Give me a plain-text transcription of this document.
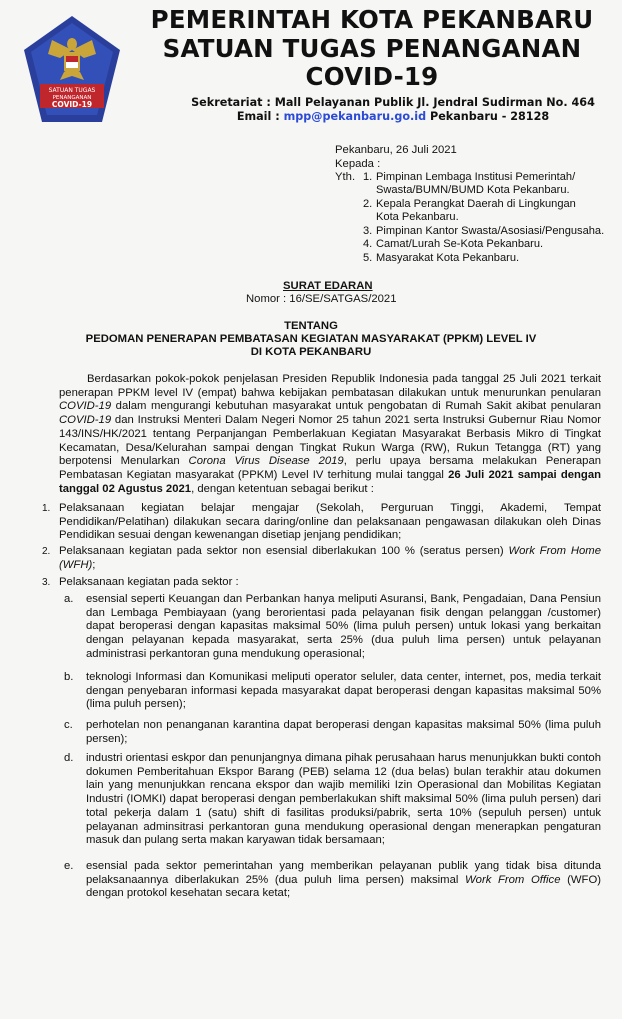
SATUAN TUGAS
PENANGANAN
COVID-19
PEMERINTAH KOTA PEKANBARU
SATUAN TUGAS PENANGANAN
COVID-19
Sekretariat : Mall Pelayanan Publik Jl. Jendral Sudirman No. 464
Email : mpp@pekanbaru.go.id Pekanbaru - 28128
Pekanbaru, 26 Juli 2021
Kepada :
Yth. 1. Pimpinan Lembaga Institusi Pemerintah/
Swasta/BUMN/BUMD Kota Pekanbaru.
2. Kepala Perangkat Daerah di Lingkungan
Kota Pekanbaru.
3. Pimpinan Kantor Swasta/Asosiasi/Pengusaha.
4. Camat/Lurah Se-Kota Pekanbaru.
5. Masyarakat Kota Pekanbaru.
SURAT EDARAN
Nomor : 16/SE/SATGAS/2021
TENTANG
PEDOMAN PENERAPAN PEMBATASAN KEGIATAN MASYARAKAT (PPKM) LEVEL IV
DI KOTA PEKANBARU
Berdasarkan pokok-pokok penjelasan Presiden Republik Indonesia pada tanggal 25 Juli 2021 terkait penerapan PPKM level IV (empat) bahwa kebijakan pembatasan dilakukan untuk menurunkan penularan COVID-19 dalam mengurangi kebutuhan masyarakat untuk pengobatan di Rumah Sakit akibat penularan COVID-19 dan Instruksi Menteri Dalam Negeri Nomor 25 tahun 2021 serta Instruksi Gubernur Riau Nomor 143/INS/HK/2021 tentang Perpanjangan Pemberlakuan Kegiatan Masyarakat Berbasis Mikro di Tingkat Kecamatan, Desa/Kelurahan sampai dengan Tingkat Rukun Warga (RW), Rukun Tetangga (RT) yang berpotensi Menularkan Corona Virus Disease 2019, perlu upaya bersama melakukan Penerapan Pembatasan Kegiatan masyarakat (PPKM) Level IV terhitung mulai tanggal 26 Juli 2021 sampai dengan tanggal 02 Agustus 2021, dengan ketentuan sebagai berikut :
1. Pelaksanaan kegiatan belajar mengajar (Sekolah, Perguruan Tinggi, Akademi, Tempat Pendidikan/Pelatihan) dilakukan secara daring/online dan pelaksanaan pengawasan dilakukan oleh Dinas Pendidikan sesuai dengan kewenangan disetiap jenjang pendidikan;
2. Pelaksanaan kegiatan pada sektor non esensial diberlakukan 100 % (seratus persen) Work From Home (WFH);
3. Pelaksanaan kegiatan pada sektor :
a. esensial seperti Keuangan dan Perbankan hanya meliputi Asuransi, Bank, Pengadaian, Dana Pensiun dan Lembaga Pembiayaan (yang berorientasi pada pelayanan fisik dengan pelanggan /customer) dapat beroperasi dengan kapasitas maksimal 50% (lima puluh persen) untuk lokasi yang berkaitan dengan pelayanan kepada masyarakat, serta 25% (dua puluh lima persen) untuk pelayanan administrasi perkantoran guna mendukung operasional;
b. teknologi Informasi dan Komunikasi meliputi operator seluler, data center, internet, pos, media terkait dengan penyebaran informasi kepada masyarakat dapat beroperasi dengan kapasitas maksimal 50% (lima puluh persen);
c. perhotelan non penanganan karantina dapat beroperasi dengan kapasitas maksimal 50% (lima puluh persen);
d. industri orientasi eskpor dan penunjangnya dimana pihak perusahaan harus menunjukkan bukti contoh dokumen Pemberitahuan Ekspor Barang (PEB) selama 12 (dua belas) bulan terakhir atau dokumen lain yang menunjukkan rencana ekspor dan wajib memiliki Izin Operasional dan Mobilitas Kegiatan Industri (IOMKI) dapat beroperasi dengan pemberlakukan shift maksimal 50% (lima puluh persen) dari total pekerja dalam 1 (satu) shift di fasilitas produksi/pabrik, serta 10% (sepuluh persen) untuk pelayanan adminsitrasi perkantoran guna mendukung operasional dengan menerapkan pengaturan masuk dan pulang serta makan karyawan tidak bersamaan;
e. esensial pada sektor pemerintahan yang memberikan pelayanan publik yang tidak bisa ditunda pelaksanaannya diberlakukan 25% (dua puluh lima persen) maksimal Work From Office (WFO) dengan protokol kesehatan secara ketat;
